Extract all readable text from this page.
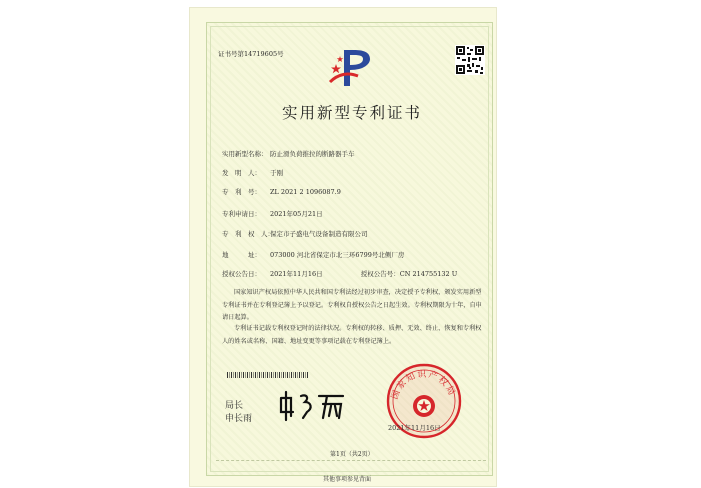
证书号第14719605号
实用新型专利证书
实用新型名称： 防止滑负荷推拉的断路器手车
发　明　人： 于刚
专　利　号： ZL 2021 2 1096087.9
专利申请日： 2021年05月21日
专　利　权　人：保定市子盛电气设备制造有限公司
地　　　址： 073000 河北省保定市北三环6799号北侧厂房
授权公告日： 2021年11月16日	授权公告号：CN 214755132 U
国家知识产权局依照中华人民共和国专利法经过初步审查，决定授予专利权，颁发实用新型专利证书并在专利登记簿上予以登记。专利权自授权公告之日起生效。专利权期限为十年，自申请日起算。
专利证书记载专利权登记时的法律状况。专利权的转移、质押、无效、终止、恢复和专利权人的姓名或名称、国籍、地址变更等事项记载在专利登记簿上。
局长
申长雨
国家知识产权局
2021年11月16日
第1页（共2页）
其他事项参见背面
